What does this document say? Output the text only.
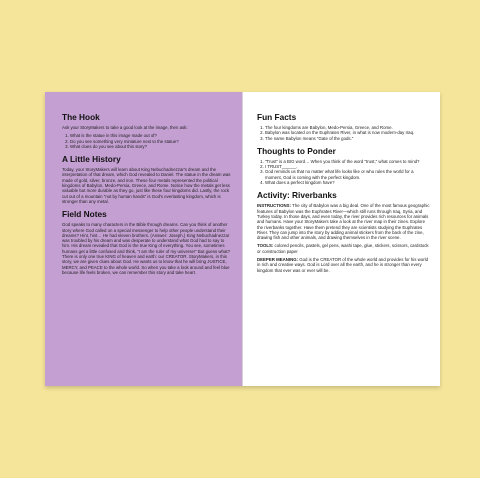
The Hook

Ask your StoryMakers to take a good look at the image, then ask:

1. What is the statue in this image made out of?
2. Do you see something very miniature next to the statue?
3. What clues do you see about this story?
A Little History

Today, your StoryMakers will learn about King Nebuchadnezzar's dream and the interpretation of that dream, which God revealed to Daniel. The statue in the dream was made of gold, silver, bronze, and iron. These four metals represented the political kingdoms of Babylon, Medo-Persia, Greece, and Rome. Notice how the metals get less valuable but more durable as they go, just like these four kingdoms did. Lastly, the rock cut out of a mountain "not by human hands" is God's everlasting kingdom, which is stronger than any metal.

Field Notes

God speaks to many characters in the Bible through dreams. Can you think of another story where God called on a special messenger to help other people understand their dreams? Hint, hint… He had eleven brothers. (Answer: Joseph.) King Nebuchadnezzar was troubled by his dream and was desperate to understand what God had to say to him. His dream revealed that God is the true King of everything. You see, sometimes humans get a little confused and think, "I am the ruler of my universe!" But guess what? There is only one true KING of heaven and earth: our CREATOR. StoryMakers, in this story, we are given clues about God. He wants us to know that he will bring JUSTICE, MERCY, and PEACE to the whole world. So when you take a look around and feel blue because life feels broken, we can remember this story and take heart.

Fun Facts
1. The four kingdoms are Babylon, Medo-Persia, Greece, and Rome.
2. Babylon was located on the Euphrates River, in what is now modern-day Iraq.
3. The name Babylon means "Gate of the gods."
Thoughts to Ponder
1. "Trust" is a BIG word… When you think of the word "trust," what comes to mind?
2. I TRUST______.
3. God reminds us that no matter what life looks like or who rules the world for a moment, God is coming with the perfect kingdom.
4. What does a perfect kingdom have?
Activity: Riverbanks

INSTRUCTIONS: The city of Babylon was a big deal. One of the most famous geographic features of Babylon was the Euphrates River—which still runs through Iraq, Syria, and Turkey today. In those days, and even today, the river provides rich resources for animals and humans. Have your StoryMakers take a look at the river map in their zines. Explore the riverbanks together. Have them pretend they are scientists studying the Euphrates River. They can jump into the story by adding animal stickers from the back of the zine, drawing fish and other animals, and drawing themselves in the river scene.

TOOLS: colored pencils, pastels, gel pens, washi tape, glue, stickers, scissors, cardstock or construction paper

DEEPER MEANING: God is the CREATOR of the whole world and provides for his world in rich and creative ways. God is Lord over all the earth, and he is stronger than every kingdom that ever was or ever will be.
